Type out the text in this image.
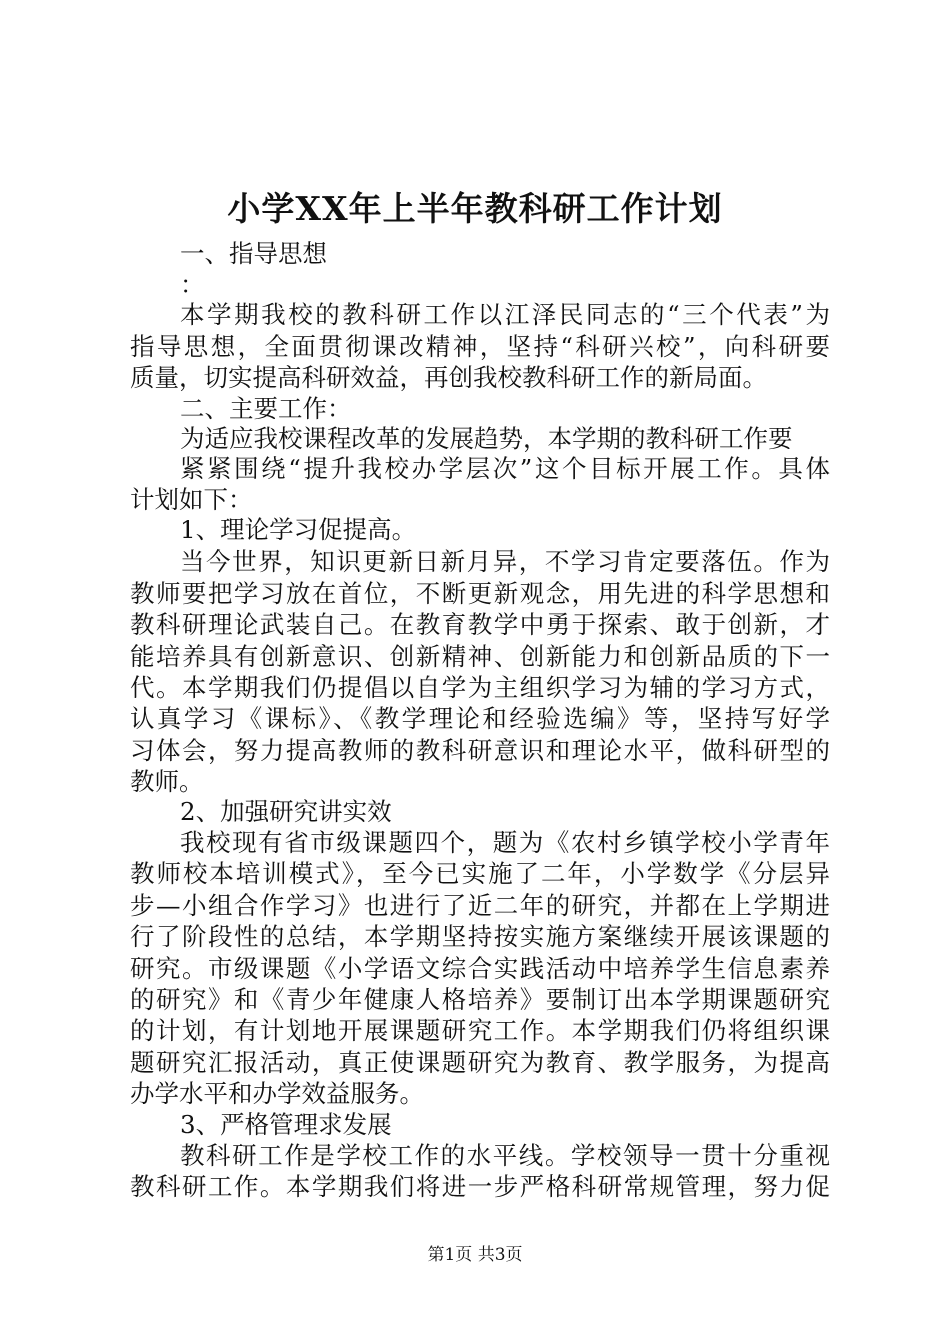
小学XX年上半年教科研工作计划
一、指导思想
：
本学期我校的教科研工作以江泽民同志的“三个代表”为
指导思想，全面贯彻课改精神，坚持“科研兴校”，向科研要
质量，切实提高科研效益，再创我校教科研工作的新局面。
二、主要工作：
为适应我校课程改革的发展趋势，本学期的教科研工作要
紧紧围绕“提升我校办学层次”这个目标开展工作。具体
计划如下：
1、理论学习促提高。
当今世界，知识更新日新月异，不学习肯定要落伍。作为
教师要把学习放在首位，不断更新观念，用先进的科学思想和
教科研理论武装自己。在教育教学中勇于探索、敢于创新，才
能培养具有创新意识、创新精神、创新能力和创新品质的下一
代。本学期我们仍提倡以自学为主组织学习为辅的学习方式，
认真学习《课标》、《教学理论和经验选编》等，坚持写好学
习体会，努力提高教师的教科研意识和理论水平，做科研型的
教师。
2、加强研究讲实效
我校现有省市级课题四个，题为《农村乡镇学校小学青年
教师校本培训模式》，至今已实施了二年，小学数学《分层异
步—小组合作学习》也进行了近二年的研究，并都在上学期进
行了阶段性的总结，本学期坚持按实施方案继续开展该课题的
研究。市级课题《小学语文综合实践活动中培养学生信息素养
的研究》和《青少年健康人格培养》要制订出本学期课题研究
的计划，有计划地开展课题研究工作。本学期我们仍将组织课
题研究汇报活动，真正使课题研究为教育、教学服务，为提高
办学水平和办学效益服务。
3、严格管理求发展
教科研工作是学校工作的水平线。学校领导一贯十分重视
教科研工作。本学期我们将进一步严格科研常规管理，努力促
第1页 共3页
